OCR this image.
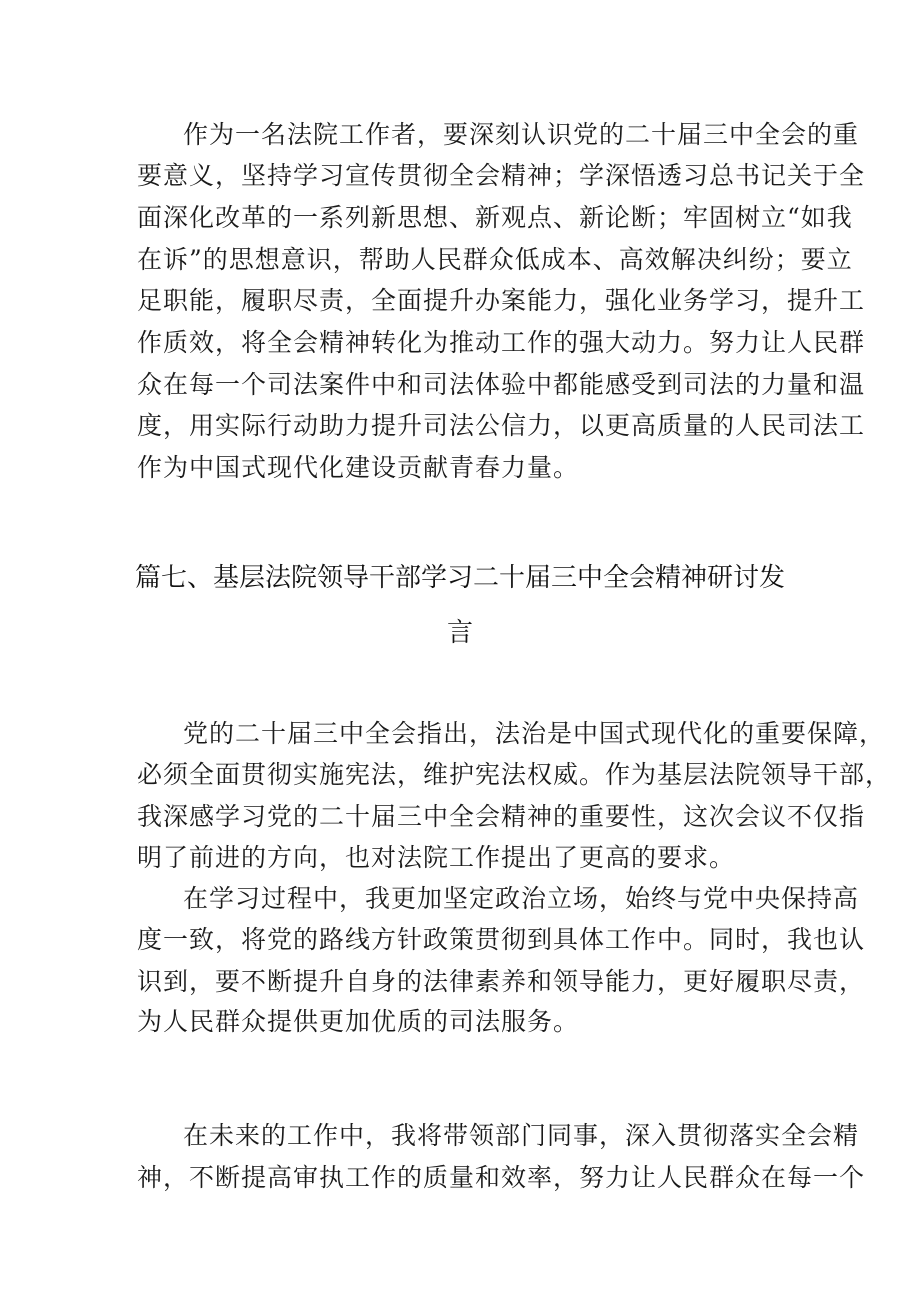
作为一名法院工作者，要深刻认识党的二十届三中全会的重
要意义，坚持学习宣传贯彻全会精神；学深悟透习总书记关于全
面深化改革的一系列新思想、新观点、新论断；牢固树立“如我
在诉”的思想意识，帮助人民群众低成本、高效解决纠纷；要立
足职能，履职尽责，全面提升办案能力，强化业务学习，提升工
作质效，将全会精神转化为推动工作的强大动力。努力让人民群
众在每一个司法案件中和司法体验中都能感受到司法的力量和温
度，用实际行动助力提升司法公信力，以更高质量的人民司法工
作为中国式现代化建设贡献青春力量。
篇七、基层法院领导干部学习二十届三中全会精神研讨发
言
党的二十届三中全会指出，法治是中国式现代化的重要保障，
必须全面贯彻实施宪法，维护宪法权威。作为基层法院领导干部，
我深感学习党的二十届三中全会精神的重要性，这次会议不仅指
明了前进的方向，也对法院工作提出了更高的要求。
在学习过程中，我更加坚定政治立场，始终与党中央保持高
度一致，将党的路线方针政策贯彻到具体工作中。同时，我也认
识到，要不断提升自身的法律素养和领导能力，更好履职尽责，
为人民群众提供更加优质的司法服务。
在未来的工作中，我将带领部门同事，深入贯彻落实全会精
神，不断提高审执工作的质量和效率，努力让人民群众在每一个
